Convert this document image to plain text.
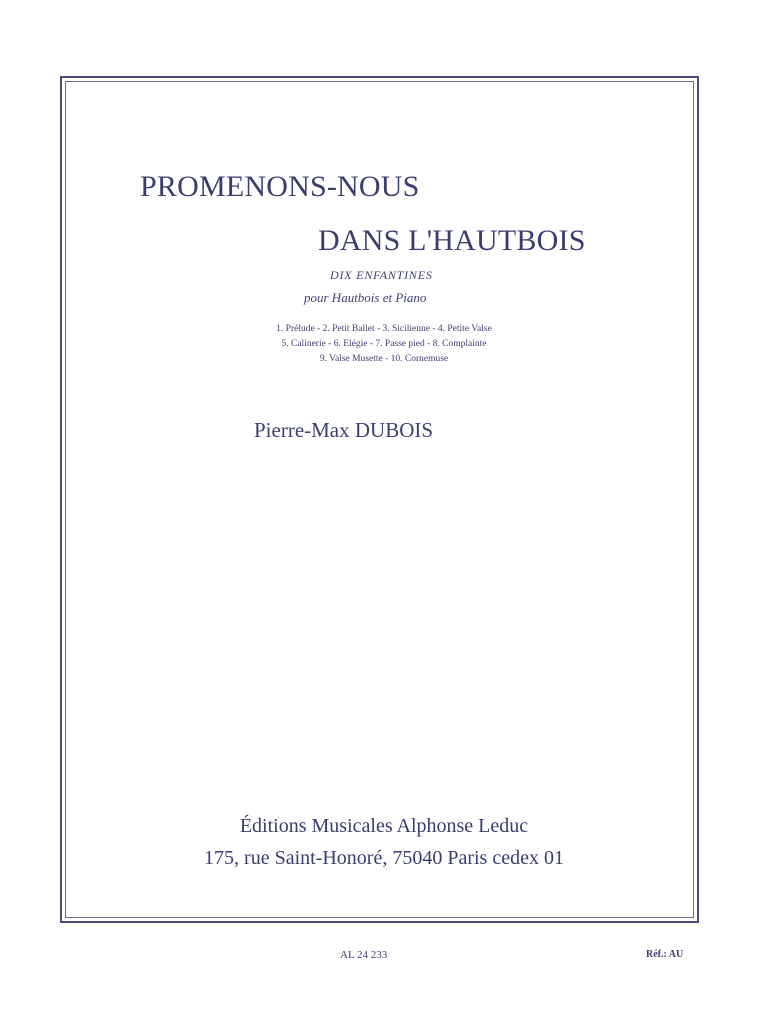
PROMENONS-NOUS
DANS L'HAUTBOIS
DIX ENFANTINES
pour Hautbois et Piano
1. Prélude - 2. Petit Ballet - 3. Sicilienne - 4. Petite Valse
5. Calinerie - 6. Elégie - 7. Passe pied - 8. Complainte
9. Valse Musette - 10. Cornemuse
Pierre-Max DUBOIS
Éditions Musicales Alphonse Leduc
175, rue Saint-Honoré, 75040 Paris cedex 01
AL 24 233	Réf.: AU
